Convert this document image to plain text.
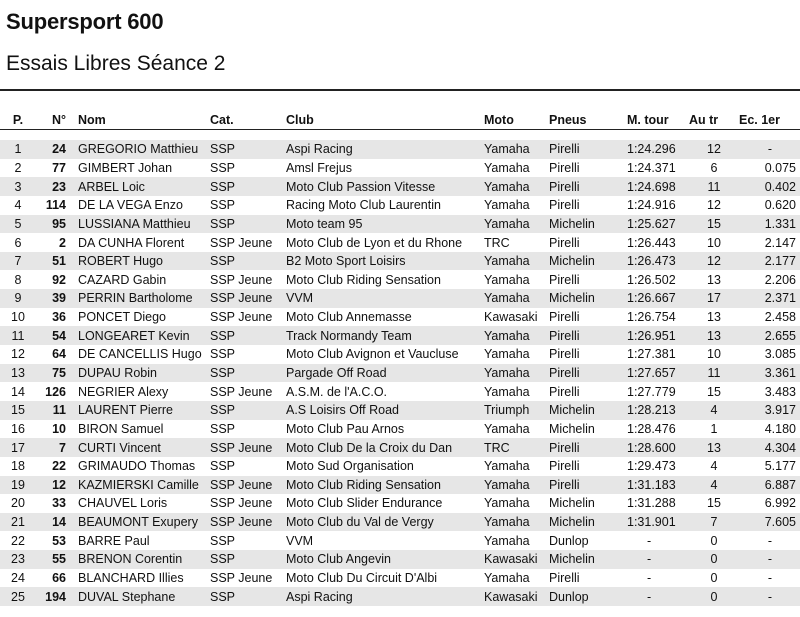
Supersport 600
Essais Libres Séance 2
P.	N°	Nom	Cat.	Club	Moto	Pneus	M. tour	Au tr	Ec. 1er

1	24	GREGORIO Matthieu	SSP	Aspi Racing	Yamaha	Pirelli	1:24.296	12	-
2	77	GIMBERT Johan	SSP	Amsl Frejus	Yamaha	Pirelli	1:24.371	6	0.075
3	23	ARBEL Loic	SSP	Moto Club Passion Vitesse	Yamaha	Pirelli	1:24.698	11	0.402
4	114	DE LA VEGA Enzo	SSP	Racing Moto Club Laurentin	Yamaha	Pirelli	1:24.916	12	0.620
5	95	LUSSIANA Matthieu	SSP	Moto team 95	Yamaha	Michelin	1:25.627	15	1.331
6	2	DA CUNHA Florent	SSP Jeune	Moto Club de Lyon et du Rhone	TRC	Pirelli	1:26.443	10	2.147
7	51	ROBERT Hugo	SSP	B2 Moto Sport Loisirs	Yamaha	Michelin	1:26.473	12	2.177
8	92	CAZARD Gabin	SSP Jeune	Moto Club Riding Sensation	Yamaha	Pirelli	1:26.502	13	2.206
9	39	PERRIN Bartholome	SSP Jeune	VVM	Yamaha	Michelin	1:26.667	17	2.371
10	36	PONCET Diego	SSP Jeune	Moto Club Annemasse	Kawasaki	Pirelli	1:26.754	13	2.458
11	54	LONGEARET Kevin	SSP	Track Normandy Team	Yamaha	Pirelli	1:26.951	13	2.655
12	64	DE CANCELLIS Hugo	SSP	Moto Club Avignon et Vaucluse	Yamaha	Pirelli	1:27.381	10	3.085
13	75	DUPAU Robin	SSP	Pargade Off Road	Yamaha	Pirelli	1:27.657	11	3.361
14	126	NEGRIER Alexy	SSP Jeune	A.S.M. de l'A.C.O.	Yamaha	Pirelli	1:27.779	15	3.483
15	11	LAURENT Pierre	SSP	A.S Loisirs Off Road	Triumph	Michelin	1:28.213	4	3.917
16	10	BIRON Samuel	SSP	Moto Club Pau Arnos	Yamaha	Michelin	1:28.476	1	4.180
17	7	CURTI Vincent	SSP Jeune	Moto Club De la Croix du Dan	TRC	Pirelli	1:28.600	13	4.304
18	22	GRIMAUDO Thomas	SSP	Moto Sud Organisation	Yamaha	Pirelli	1:29.473	4	5.177
19	12	KAZMIERSKI Camille	SSP Jeune	Moto Club Riding Sensation	Yamaha	Pirelli	1:31.183	4	6.887
20	33	CHAUVEL Loris	SSP Jeune	Moto Club Slider Endurance	Yamaha	Michelin	1:31.288	15	6.992
21	14	BEAUMONT Exupery	SSP Jeune	Moto Club du Val de Vergy	Yamaha	Michelin	1:31.901	7	7.605
22	53	BARRE Paul	SSP	VVM	Yamaha	Dunlop	-	0	-
23	55	BRENON Corentin	SSP	Moto Club Angevin	Kawasaki	Michelin	-	0	-
24	66	BLANCHARD Illies	SSP Jeune	Moto Club Du Circuit D'Albi	Yamaha	Pirelli	-	0	-
25	194	DUVAL Stephane	SSP	Aspi Racing	Kawasaki	Dunlop	-	0	-
